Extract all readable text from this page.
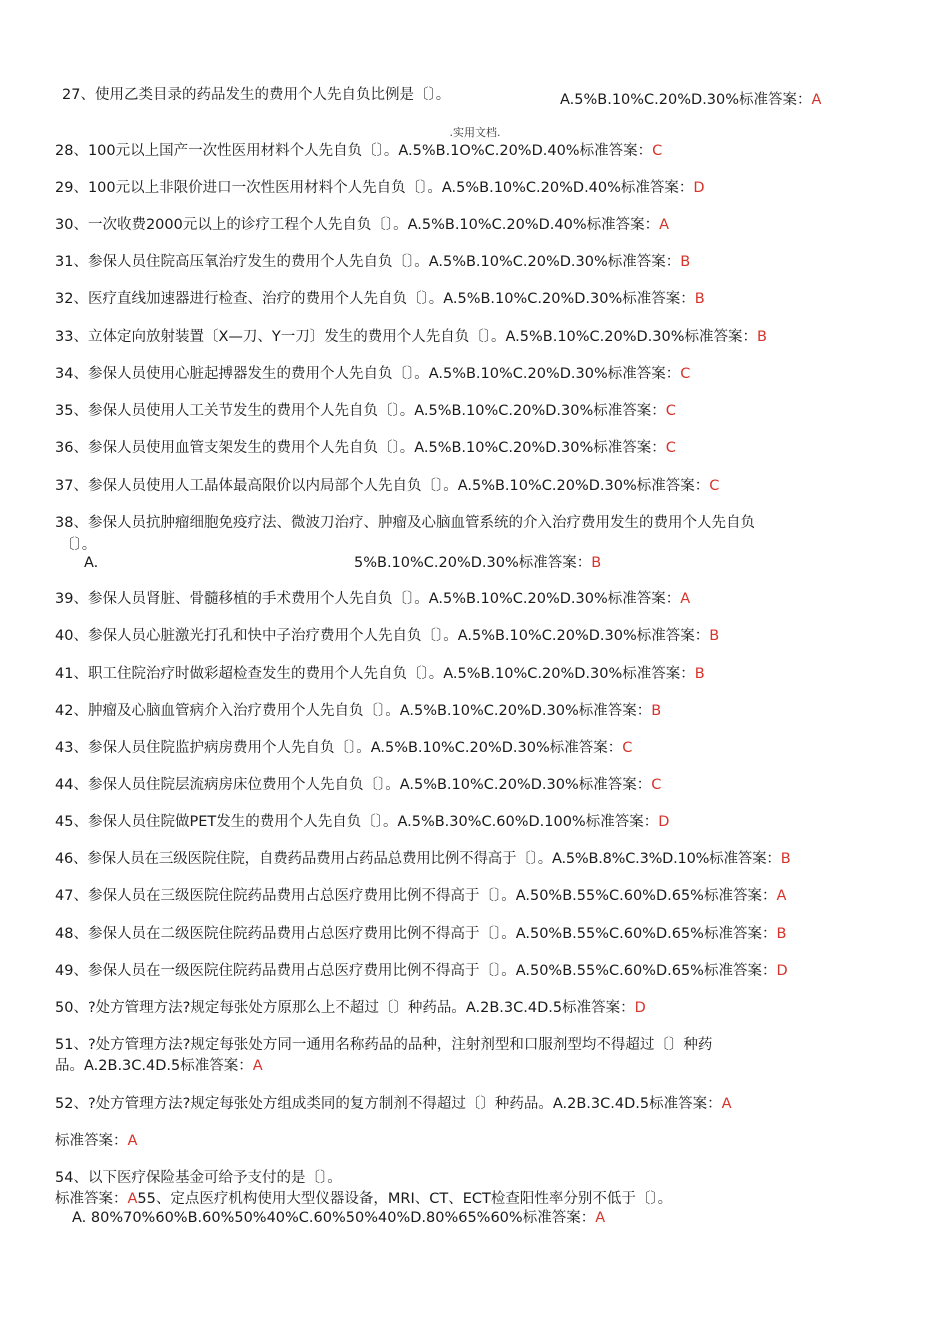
27、使用乙类目录的药品发生的费用个人先自负比例是〔〕。	A.5%B.10%C.20%D.30%标准答案：A
.实用文档.
28、100元以上国产一次性医用材料个人先自负〔〕。A.5%B.1O%C.20%D.40%标准答案：C
29、100元以上非限价进口一次性医用材料个人先自负〔〕。A.5%B.10%C.20%D.40%标准答案：D
30、一次收费2000元以上的诊疗工程个人先自负〔〕。A.5%B.10%C.20%D.40%标准答案：A
31、参保人员住院高压氧治疗发生的费用个人先自负〔〕。A.5%B.10%C.20%D.30%标准答案：B
32、医疗直线加速器进行检查、治疗的费用个人先自负〔〕。A.5%B.10%C.20%D.30%标准答案：B
33、立体定向放射装置〔X—刀、Y一刀〕发生的费用个人先自负〔〕。A.5%B.10%C.20%D.30%标准答案：B
34、参保人员使用心脏起搏器发生的费用个人先自负〔〕。A.5%B.10%C.20%D.30%标准答案：C
35、参保人员使用人工关节发生的费用个人先自负〔〕。A.5%B.10%C.20%D.30%标准答案：C
36、参保人员使用血管支架发生的费用个人先自负〔〕。A.5%B.10%C.20%D.30%标准答案：C
37、参保人员使用人工晶体最高限价以内局部个人先自负〔〕。A.5%B.10%C.20%D.30%标准答案：C
38、参保人员抗肿瘤细胞免疫疗法、微波刀治疗、肿瘤及心脑血管系统的介入治疗费用发生的费用个人先自负
〔〕。
A.	5%B.10%C.20%D.30%标准答案：B
39、参保人员肾脏、骨髓移植的手术费用个人先自负〔〕。A.5%B.10%C.20%D.30%标准答案：A
40、参保人员心脏激光打孔和快中子治疗费用个人先自负〔〕。A.5%B.10%C.20%D.30%标准答案：B
41、职工住院治疗时做彩超检查发生的费用个人先自负〔〕。A.5%B.10%C.20%D.30%标准答案：B
42、肿瘤及心脑血管病介入治疗费用个人先自负〔〕。A.5%B.10%C.20%D.30%标准答案：B
43、参保人员住院监护病房费用个人先自负〔〕。A.5%B.10%C.20%D.30%标准答案：C
44、参保人员住院层流病房床位费用个人先自负〔〕。A.5%B.10%C.20%D.30%标准答案：C
45、参保人员住院做PET发生的费用个人先自负〔〕。A.5%B.30%C.60%D.100%标准答案：D
46、参保人员在三级医院住院，自费药品费用占药品总费用比例不得高于〔〕。A.5%B.8%C.3%D.10%标准答案：B
47、参保人员在三级医院住院药品费用占总医疗费用比例不得高于〔〕。A.50%B.55%C.60%D.65%标准答案：A
48、参保人员在二级医院住院药品费用占总医疗费用比例不得高于〔〕。A.50%B.55%C.60%D.65%标准答案：B
49、参保人员在一级医院住院药品费用占总医疗费用比例不得高于〔〕。A.50%B.55%C.60%D.65%标准答案：D
50、?处方管理方法?规定每张处方原那么上不超过〔〕种药品。A.2B.3C.4D.5标准答案：D
51、?处方管理方法?规定每张处方同一通用名称药品的品种，注射剂型和口服剂型均不得超过〔〕种药
品。A.2B.3C.4D.5标准答案：A
52、?处方管理方法?规定每张处方组成类同的复方制剂不得超过〔〕种药品。A.2B.3C.4D.5标准答案：A
标准答案：A
54、以下医疗保险基金可给予支付的是〔〕。
标准答案：A55、定点医疗机构使用大型仪器设备，MRI、CT、ECT检查阳性率分别不低于〔〕。
A. 80%70%60%B.60%50%40%C.60%50%40%D.80%65%60%标准答案：A
